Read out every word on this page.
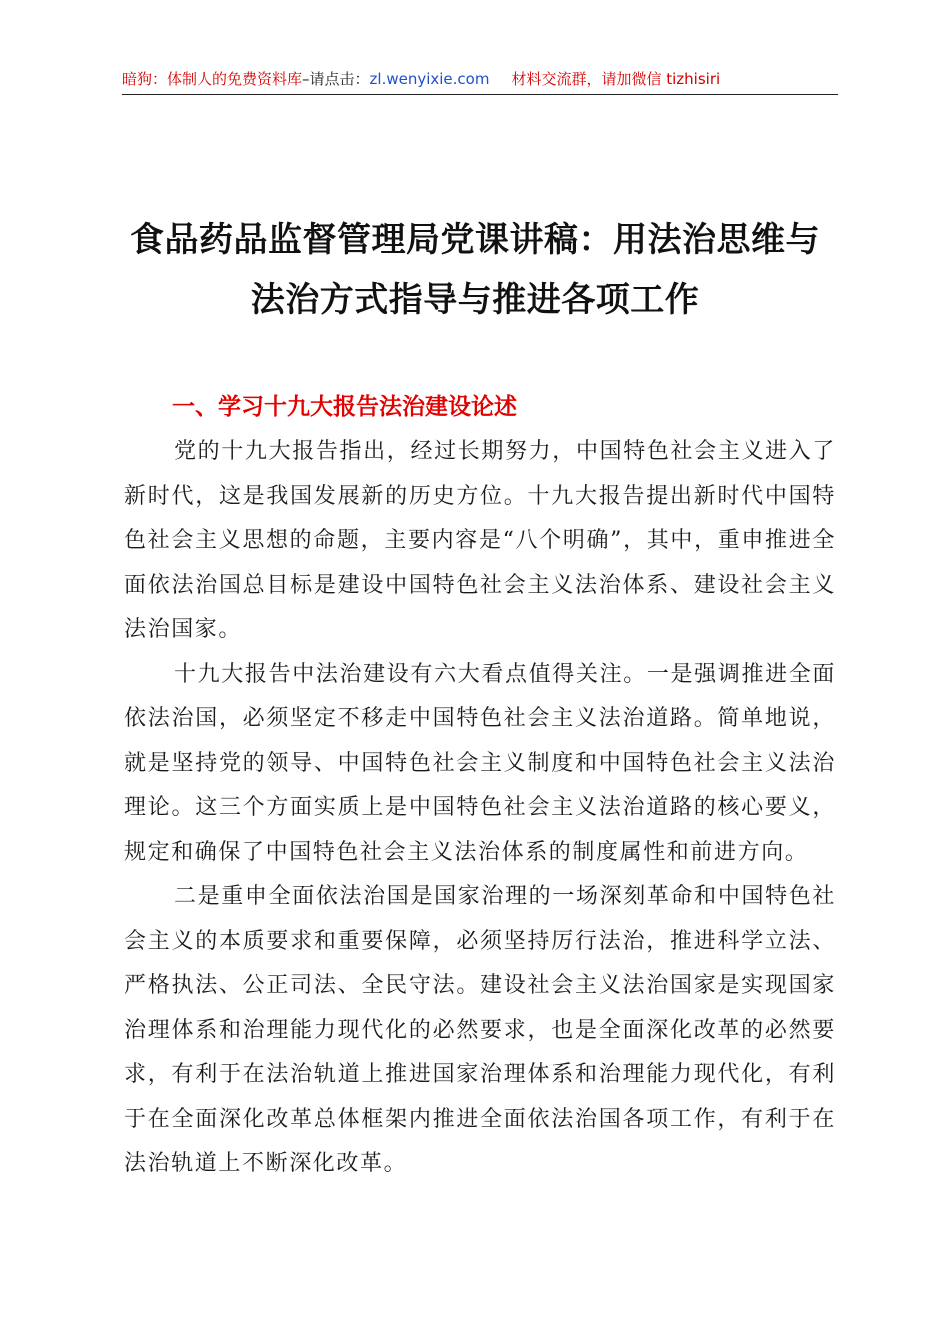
暗狗：体制人的免费资料库–请点击：zl.wenyixie.com 材料交流群，请加微信 tizhisiri
食品药品监督管理局党课讲稿：用法治思维与
法治方式指导与推进各项工作
一、学习十九大报告法治建设论述

党的十九大报告指出，经过长期努力，中国特色社会主义进入了新时代，这是我国发展新的历史方位。十九大报告提出新时代中国特色社会主义思想的命题，主要内容是“八个明确”，其中，重申推进全面依法治国总目标是建设中国特色社会主义法治体系、建设社会主义法治国家。

十九大报告中法治建设有六大看点值得关注。一是强调推进全面依法治国，必须坚定不移走中国特色社会主义法治道路。简单地说，就是坚持党的领导、中国特色社会主义制度和中国特色社会主义法治理论。这三个方面实质上是中国特色社会主义法治道路的核心要义，规定和确保了中国特色社会主义法治体系的制度属性和前进方向。

二是重申全面依法治国是国家治理的一场深刻革命和中国特色社会主义的本质要求和重要保障，必须坚持厉行法治，推进科学立法、严格执法、公正司法、全民守法。建设社会主义法治国家是实现国家治理体系和治理能力现代化的必然要求，也是全面深化改革的必然要求，有利于在法治轨道上推进国家治理体系和治理能力现代化，有利于在全面深化改革总体框架内推进全面依法治国各项工作，有利于在法治轨道上不断深化改革。
